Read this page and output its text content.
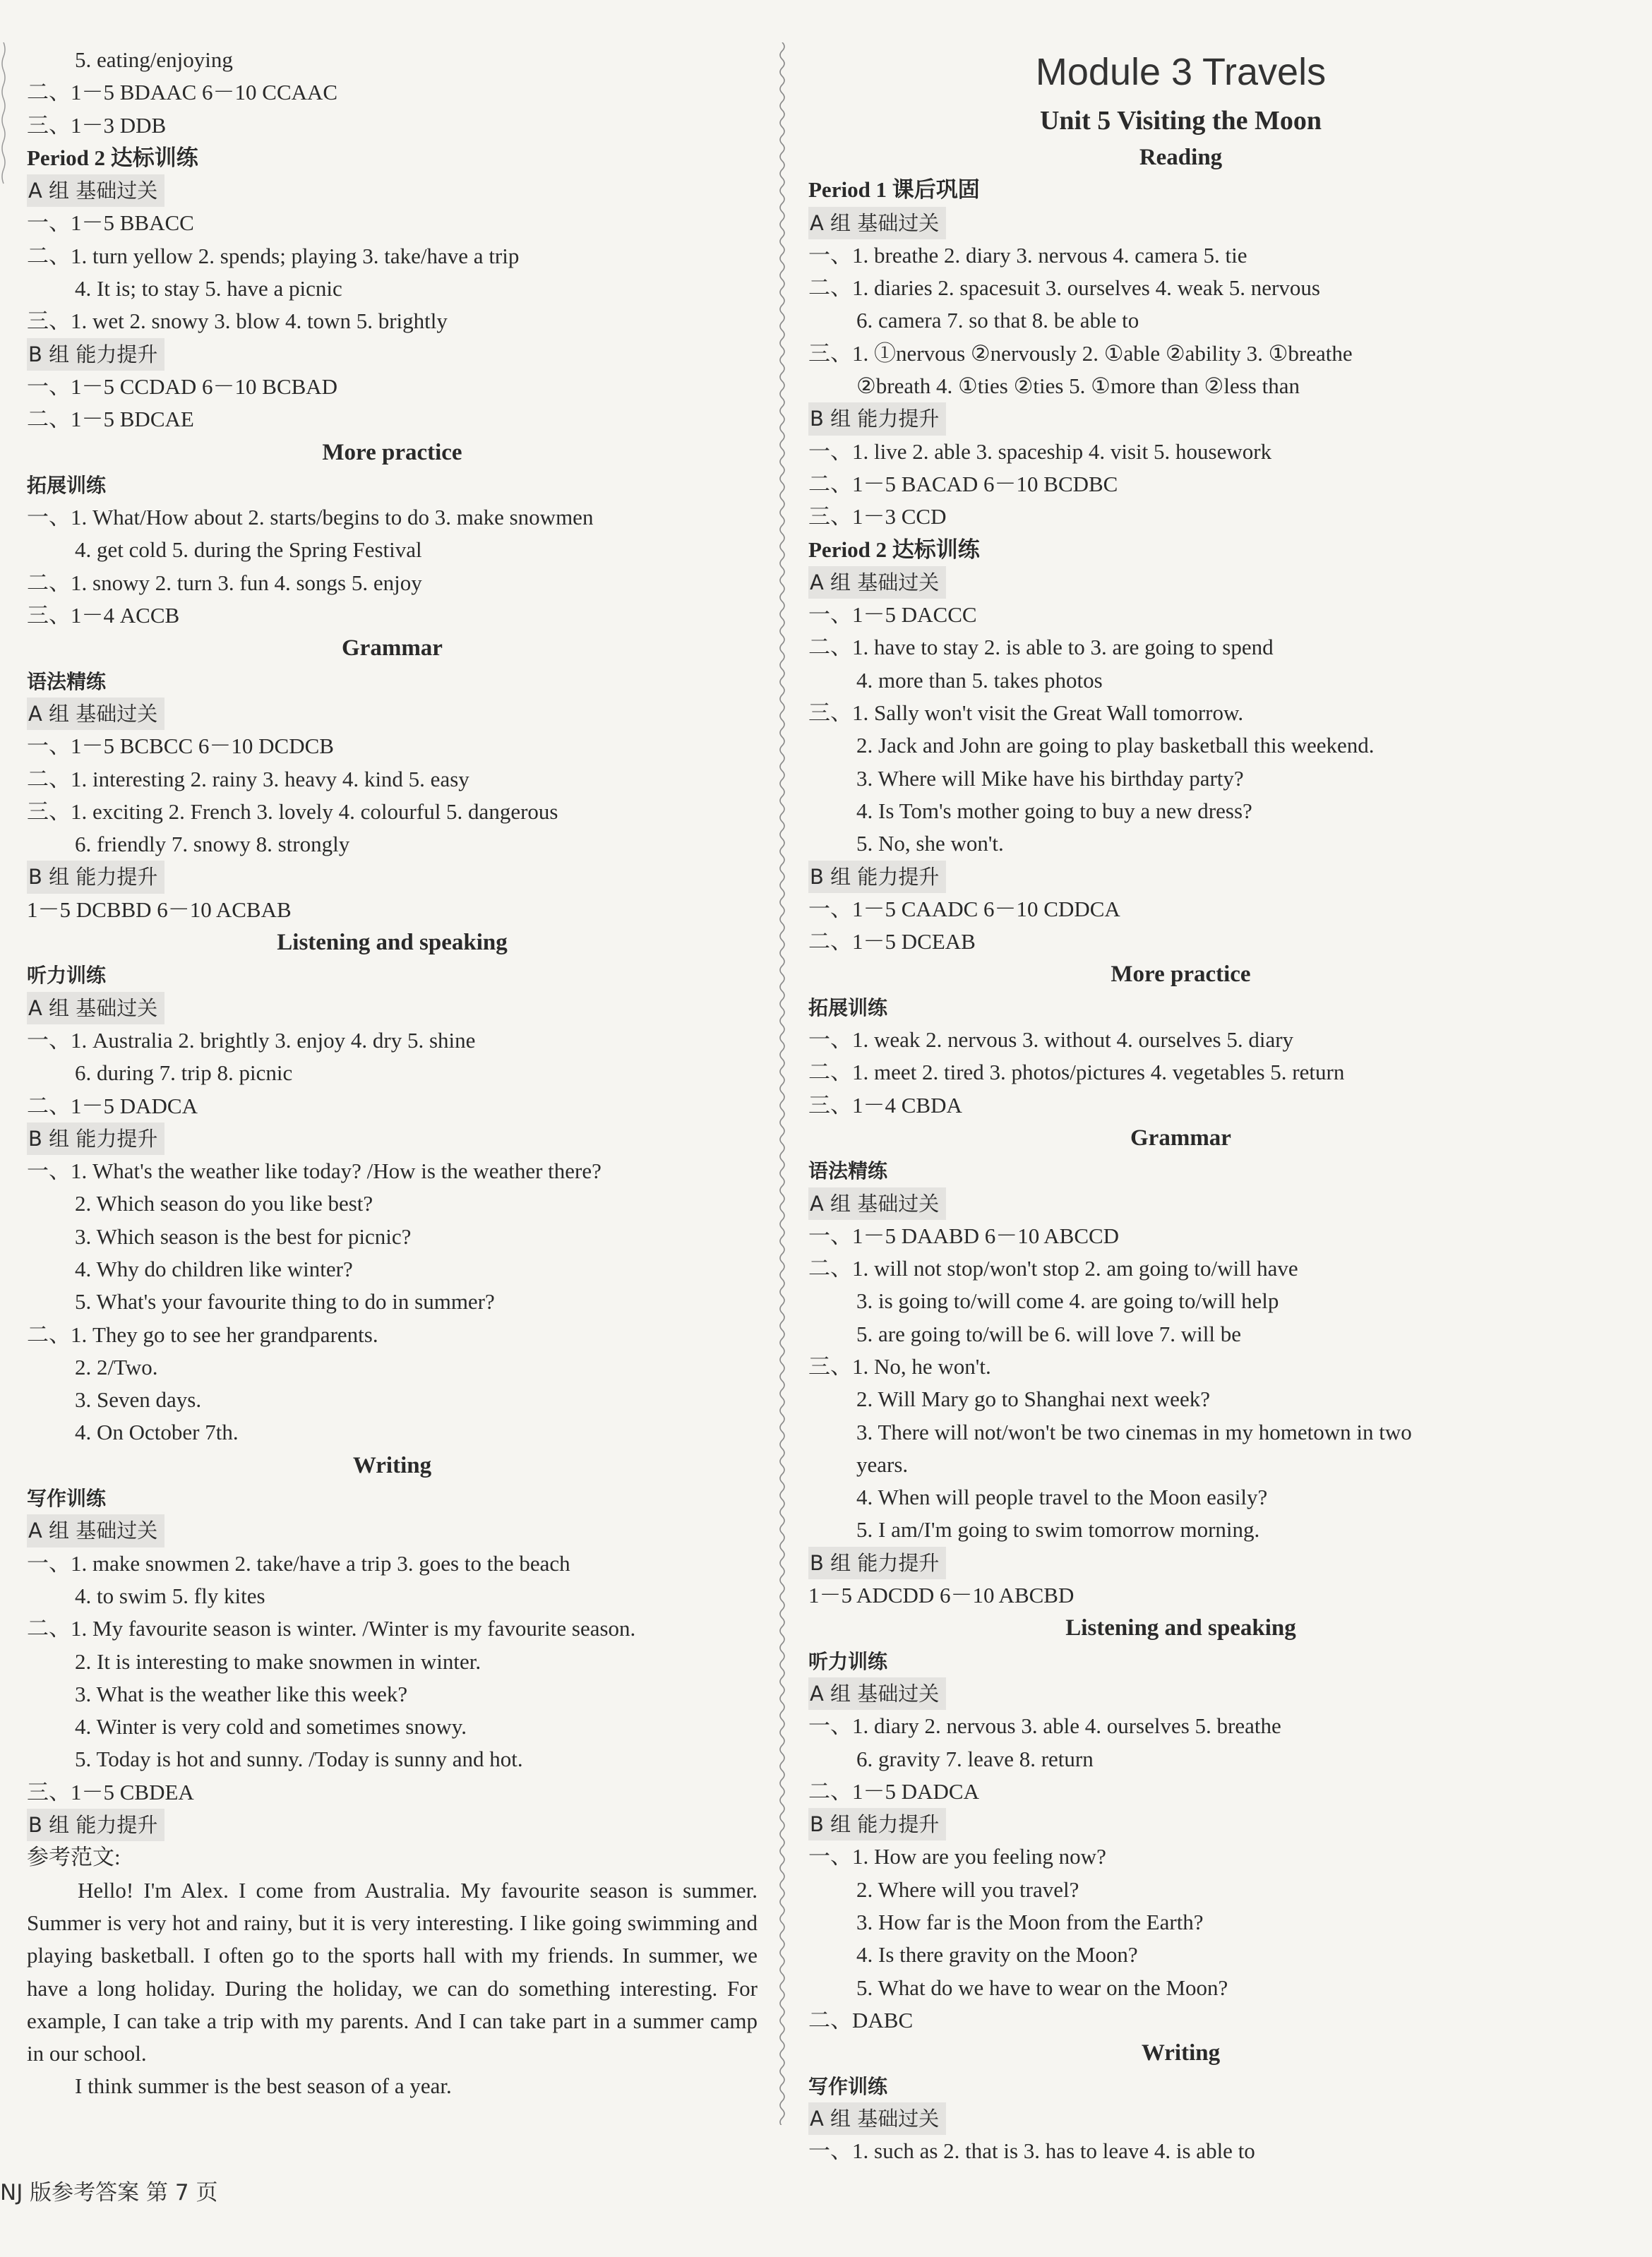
5. eating/enjoying
二、1－5 BDAAC 6－10 CCAAC
三、1－3 DDB
Period 2 达标训练
A 组 基础过关
一、1－5 BBACC
二、1. turn yellow 2. spends; playing 3. take/have a trip
4. It is; to stay 5. have a picnic
三、1. wet 2. snowy 3. blow 4. town 5. brightly
B 组 能力提升
一、1－5 CCDAD 6－10 BCBAD
二、1－5 BDCAE
More practice
拓展训练
一、1. What/How about 2. starts/begins to do 3. make snowmen
4. get cold 5. during the Spring Festival
二、1. snowy 2. turn 3. fun 4. songs 5. enjoy
三、1－4 ACCB
Grammar
语法精练
A 组 基础过关
一、1－5 BCBCC 6－10 DCDCB
二、1. interesting 2. rainy 3. heavy 4. kind 5. easy
三、1. exciting 2. French 3. lovely 4. colourful 5. dangerous
6. friendly 7. snowy 8. strongly
B 组 能力提升
1－5 DCBBD 6－10 ACBAB
Listening and speaking
听力训练
A 组 基础过关
一、1. Australia 2. brightly 3. enjoy 4. dry 5. shine
6. during 7. trip 8. picnic
二、1－5 DADCA
B 组 能力提升
一、1. What's the weather like today? /How is the weather there?
2. Which season do you like best?
3. Which season is the best for picnic?
4. Why do children like winter?
5. What's your favourite thing to do in summer?
二、1. They go to see her grandparents.
2. 2/Two.
3. Seven days.
4. On October 7th.
Writing
写作训练
A 组 基础过关
一、1. make snowmen 2. take/have a trip 3. goes to the beach
4. to swim 5. fly kites
二、1. My favourite season is winter. /Winter is my favourite season.
2. It is interesting to make snowmen in winter.
3. What is the weather like this week?
4. Winter is very cold and sometimes snowy.
5. Today is hot and sunny. /Today is sunny and hot.
三、1－5 CBDEA
B 组 能力提升
参考范文:
Hello! I'm Alex. I come from Australia. My favourite season is summer. Summer is very hot and rainy, but it is very interesting. I like going swimming and playing basketball. I often go to the sports hall with my friends. In summer, we have a long holiday. During the holiday, we can do something interesting. For example, I can take a trip with my parents. And I can take part in a summer camp in our school.
I think summer is the best season of a year.
Module 3 Travels
Unit 5 Visiting the Moon
Reading
Period 1 课后巩固
A 组 基础过关
一、1. breathe 2. diary 3. nervous 4. camera 5. tie
二、1. diaries 2. spacesuit 3. ourselves 4. weak 5. nervous
6. camera 7. so that 8. be able to
三、1. ①nervous ②nervously 2. ①able ②ability 3. ①breathe
②breath 4. ①ties ②ties 5. ①more than ②less than
B 组 能力提升
一、1. live 2. able 3. spaceship 4. visit 5. housework
二、1－5 BACAD 6－10 BCDBC
三、1－3 CCD
Period 2 达标训练
A 组 基础过关
一、1－5 DACCC
二、1. have to stay 2. is able to 3. are going to spend
4. more than 5. takes photos
三、1. Sally won't visit the Great Wall tomorrow.
2. Jack and John are going to play basketball this weekend.
3. Where will Mike have his birthday party?
4. Is Tom's mother going to buy a new dress?
5. No, she won't.
B 组 能力提升
一、1－5 CAADC 6－10 CDDCA
二、1－5 DCEAB
More practice
拓展训练
一、1. weak 2. nervous 3. without 4. ourselves 5. diary
二、1. meet 2. tired 3. photos/pictures 4. vegetables 5. return
三、1－4 CBDA
Grammar
语法精练
A 组 基础过关
一、1－5 DAABD 6－10 ABCCD
二、1. will not stop/won't stop 2. am going to/will have
3. is going to/will come 4. are going to/will help
5. are going to/will be 6. will love 7. will be
三、1. No, he won't.
2. Will Mary go to Shanghai next week?
3. There will not/won't be two cinemas in my hometown in two
years.
4. When will people travel to the Moon easily?
5. I am/I'm going to swim tomorrow morning.
B 组 能力提升
1－5 ADCDD 6－10 ABCBD
Listening and speaking
听力训练
A 组 基础过关
一、1. diary 2. nervous 3. able 4. ourselves 5. breathe
6. gravity 7. leave 8. return
二、1－5 DADCA
B 组 能力提升
一、1. How are you feeling now?
2. Where will you travel?
3. How far is the Moon from the Earth?
4. Is there gravity on the Moon?
5. What do we have to wear on the Moon?
二、DABC
Writing
写作训练
A 组 基础过关
一、1. such as 2. that is 3. has to leave 4. is able to
NJ 版参考答案 第 7 页
